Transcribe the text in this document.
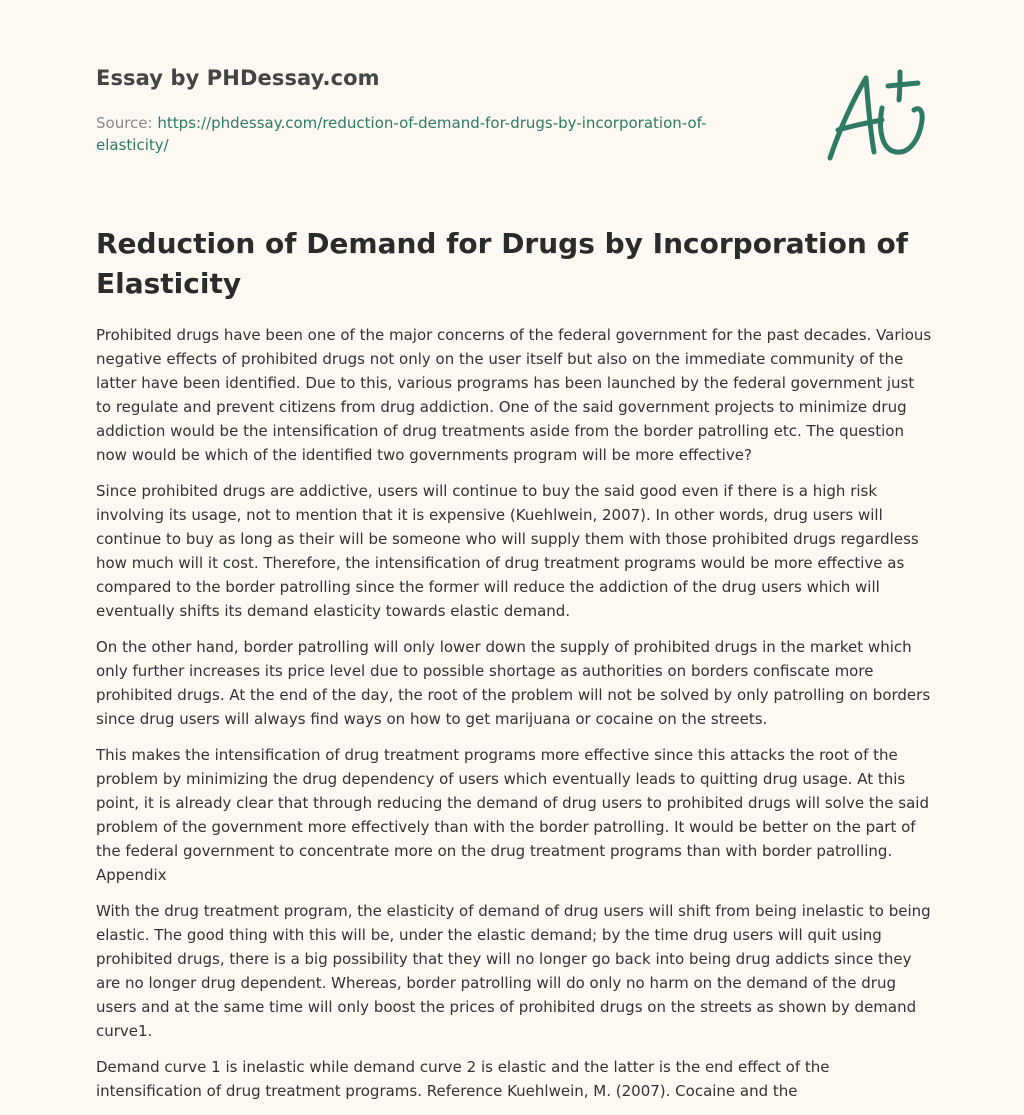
Essay by PHDessay.com
Source: https://phdessay.com/reduction-of-demand-for-drugs-by-incorporation-of-elasticity/
Reduction of Demand for Drugs by Incorporation of Elasticity

Prohibited drugs have been one of the major concerns of the federal government for the past decades. Various negative effects of prohibited drugs not only on the user itself but also on the immediate community of the latter have been identified. Due to this, various programs has been launched by the federal government just to regulate and prevent citizens from drug addiction. One of the said government projects to minimize drug addiction would be the intensification of drug treatments aside from the border patrolling etc. The question now would be which of the identified two governments program will be more effective?

Since prohibited drugs are addictive, users will continue to buy the said good even if there is a high risk involving its usage, not to mention that it is expensive (Kuehlwein, 2007). In other words, drug users will continue to buy as long as their will be someone who will supply them with those prohibited drugs regardless how much will it cost. Therefore, the intensification of drug treatment programs would be more effective as compared to the border patrolling since the former will reduce the addiction of the drug users which will eventually shifts its demand elasticity towards elastic demand.

On the other hand, border patrolling will only lower down the supply of prohibited drugs in the market which only further increases its price level due to possible shortage as authorities on borders confiscate more prohibited drugs. At the end of the day, the root of the problem will not be solved by only patrolling on borders since drug users will always find ways on how to get marijuana or cocaine on the streets.

This makes the intensification of drug treatment programs more effective since this attacks the root of the problem by minimizing the drug dependency of users which eventually leads to quitting drug usage. At this point, it is already clear that through reducing the demand of drug users to prohibited drugs will solve the said problem of the government more effectively than with the border patrolling. It would be better on the part of the federal government to concentrate more on the drug treatment programs than with border patrolling. Appendix

With the drug treatment program, the elasticity of demand of drug users will shift from being inelastic to being elastic. The good thing with this will be, under the elastic demand; by the time drug users will quit using prohibited drugs, there is a big possibility that they will no longer go back into being drug addicts since they are no longer drug dependent. Whereas, border patrolling will do only no harm on the demand of the drug users and at the same time will only boost the prices of prohibited drugs on the streets as shown by demand curve1.

Demand curve 1 is inelastic while demand curve 2 is elastic and the latter is the end effect of the intensification of drug treatment programs. Reference Kuehlwein, M. (2007). Cocaine and the
